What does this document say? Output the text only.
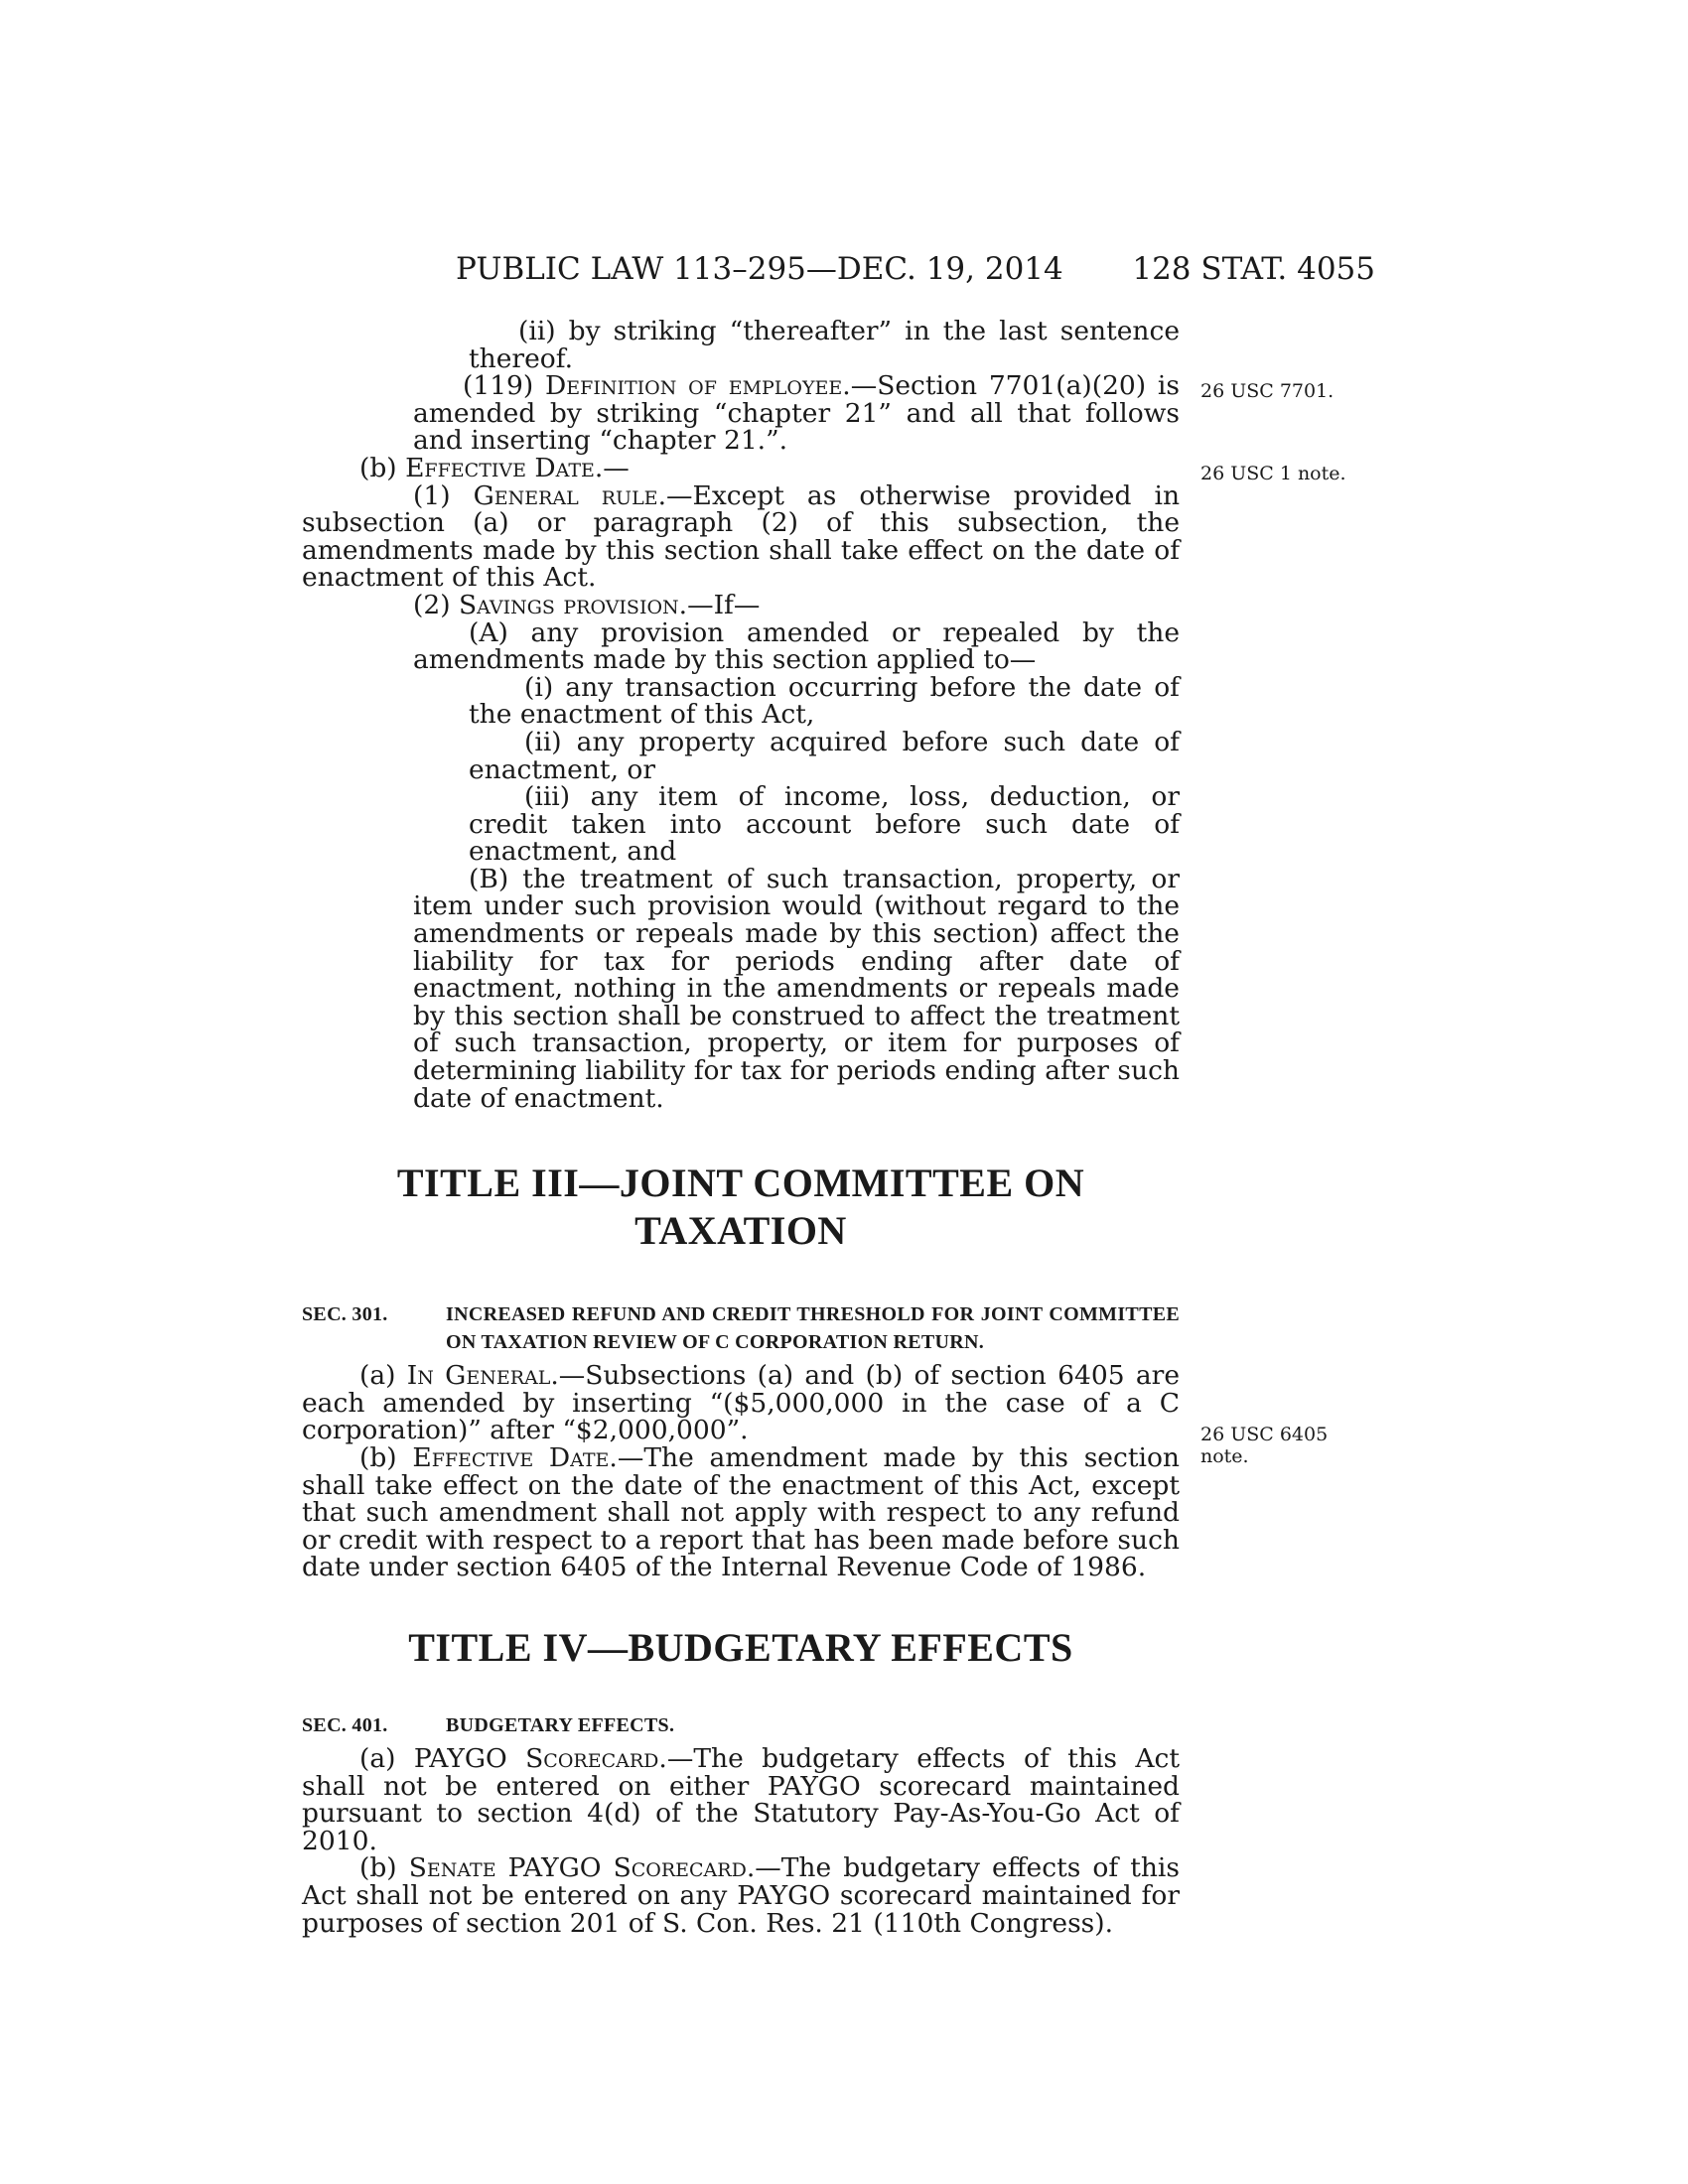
PUBLIC LAW 113–295—DEC. 19, 2014 128 STAT. 4055
26 USC 7701.
26 USC 1 note.
26 USC 6405
note.
(ii) by striking “thereafter” in the last sentence thereof.
(119) Definition of employee.—Section 7701(a)(20) is amended by striking “chapter 21” and all that follows and inserting “chapter 21.”.
(b) Effective Date.—
(1) General rule.—Except as otherwise provided in subsection (a) or paragraph (2) of this subsection, the amendments made by this section shall take effect on the date of enactment of this Act.
(2) Savings provision.—If—
(A) any provision amended or repealed by the amendments made by this section applied to—
(i) any transaction occurring before the date of the enactment of this Act,
(ii) any property acquired before such date of enactment, or
(iii) any item of income, loss, deduction, or credit taken into account before such date of enactment, and
(B) the treatment of such transaction, property, or item under such provision would (without regard to the amendments or repeals made by this section) affect the liability for tax for periods ending after date of enactment, nothing in the amendments or repeals made by this section shall be construed to affect the treatment of such transaction, property, or item for purposes of determining liability for tax for periods ending after such date of enactment.
TITLE III—JOINT COMMITTEE ON
TAXATION
SEC. 301.	INCREASED REFUND AND CREDIT THRESHOLD FOR JOINT COMMITTEE ON TAXATION REVIEW OF C CORPORATION RETURN.
(a) In General.—Subsections (a) and (b) of section 6405 are each amended by inserting “($5,000,000 in the case of a C corporation)” after “$2,000,000”.
(b) Effective Date.—The amendment made by this section shall take effect on the date of the enactment of this Act, except that such amendment shall not apply with respect to any refund or credit with respect to a report that has been made before such date under section 6405 of the Internal Revenue Code of 1986.
TITLE IV—BUDGETARY EFFECTS
SEC. 401.	BUDGETARY EFFECTS.
(a) PAYGO Scorecard.—The budgetary effects of this Act shall not be entered on either PAYGO scorecard maintained pursuant to section 4(d) of the Statutory Pay-As-You-Go Act of 2010.
(b) Senate PAYGO Scorecard.—The budgetary effects of this Act shall not be entered on any PAYGO scorecard maintained for purposes of section 201 of S. Con. Res. 21 (110th Congress).
